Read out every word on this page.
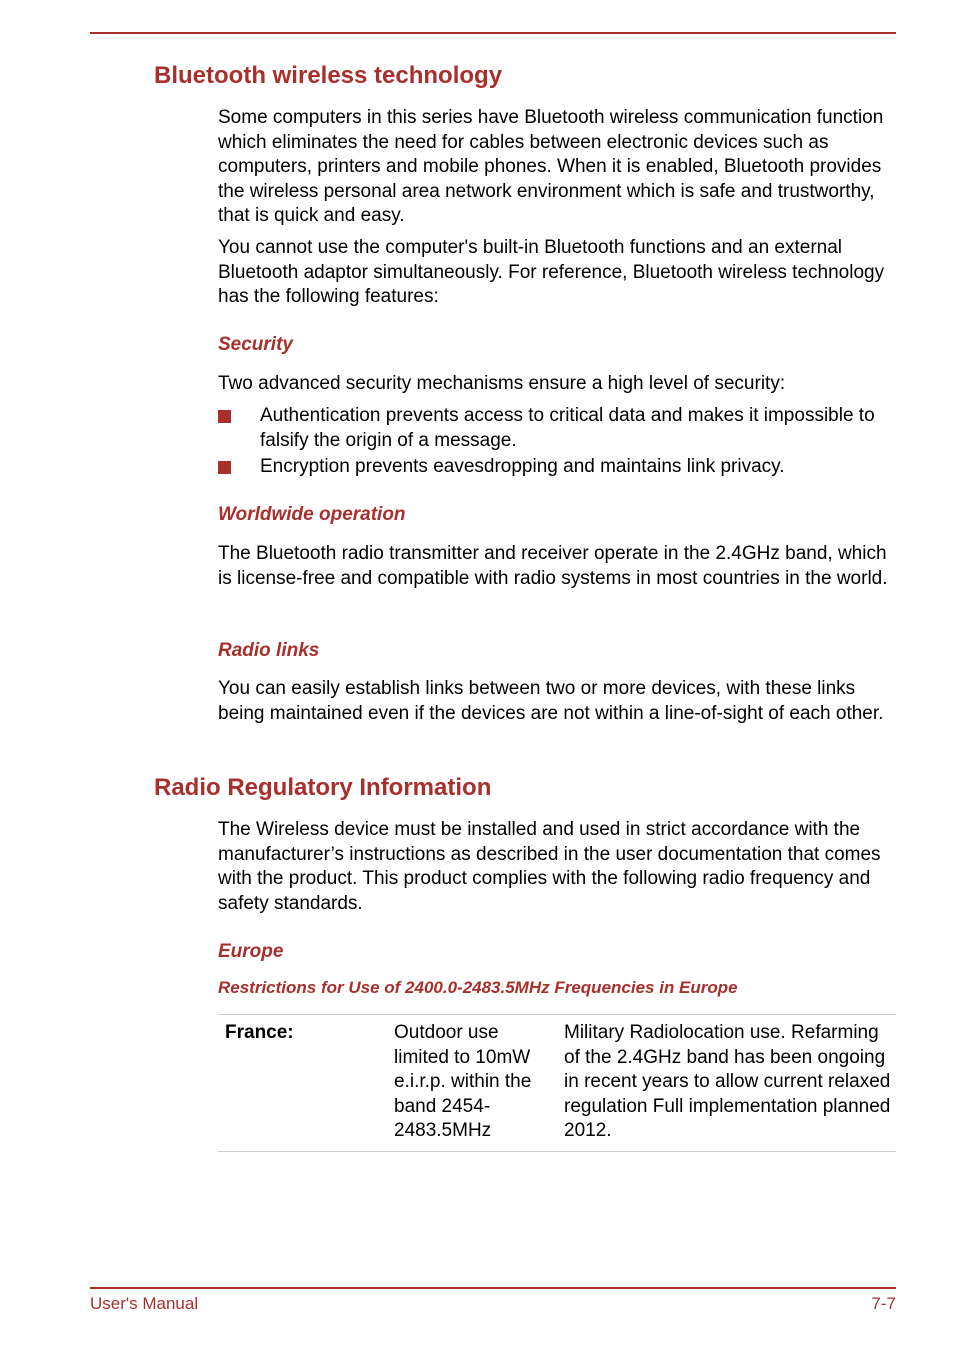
Bluetooth wireless technology

Some computers in this series have Bluetooth wireless communication function which eliminates the need for cables between electronic devices such as computers, printers and mobile phones. When it is enabled, Bluetooth provides the wireless personal area network environment which is safe and trustworthy, that is quick and easy.

You cannot use the computer's built-in Bluetooth functions and an external Bluetooth adaptor simultaneously. For reference, Bluetooth wireless technology has the following features:

Security

Two advanced security mechanisms ensure a high level of security:

Authentication prevents access to critical data and makes it impossible to falsify the origin of a message.
Encryption prevents eavesdropping and maintains link privacy.
Worldwide operation

The Bluetooth radio transmitter and receiver operate in the 2.4GHz band, which is license-free and compatible with radio systems in most countries in the world.

Radio links

You can easily establish links between two or more devices, with these links being maintained even if the devices are not within a line-of-sight of each other.

Radio Regulatory Information

The Wireless device must be installed and used in strict accordance with the manufacturer’s instructions as described in the user documentation that comes with the product. This product complies with the following radio frequency and safety standards.

Europe
Restrictions for Use of 2400.0-2483.5MHz Frequencies in Europe
France:	Outdoor use limited to 10mW e.i.r.p. within the band 2454-2483.5MHz
Military Radiolocation use. Refarming of the 2.4GHz band has been ongoing in recent years to allow current relaxed regulation Full implementation planned 2012.
User's Manual	7-7
